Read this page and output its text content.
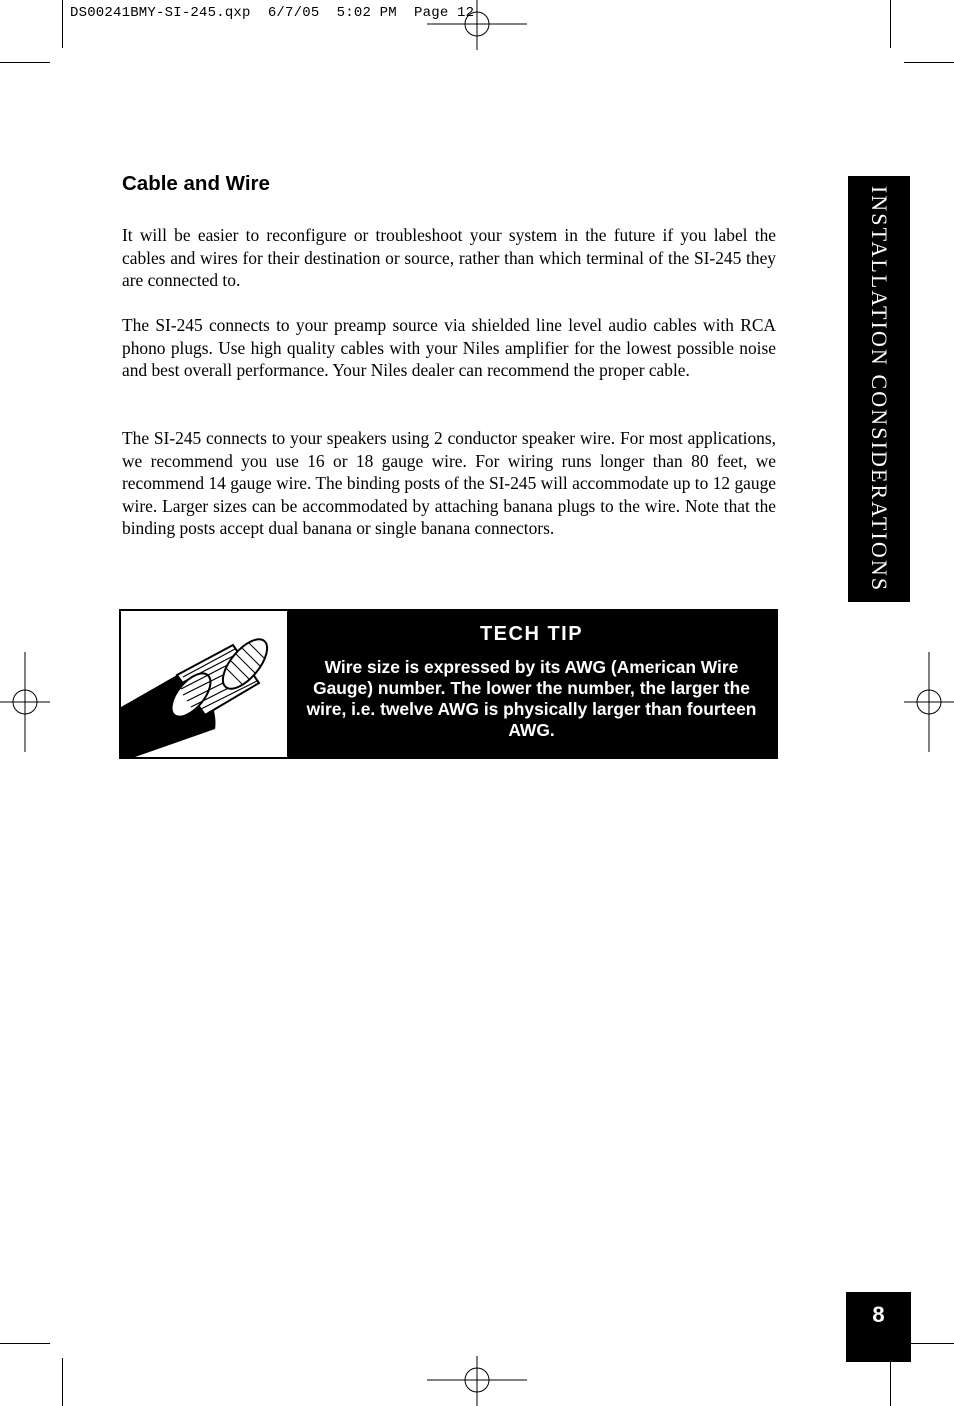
DS00241BMY-SI-245.qxp  6/7/05  5:02 PM  Page 12
Cable and Wire

It will be easier to reconfigure or troubleshoot your system in the future if you label the cables and wires for their destination or source, rather than which terminal of the SI-245 they are connected to.

The SI-245 connects to your preamp source via shielded line level audio cables with RCA phono plugs. Use high quality cables with your Niles amplifier for the lowest possible noise and best overall performance. Your Niles dealer can recommend the proper cable.

The SI-245 connects to your speakers using 2 conductor speaker wire. For most applications, we recommend you use 16 or 18 gauge wire. For wiring runs longer than 80 feet, we recommend 14 gauge wire. The binding posts of the SI-245 will accommodate up to 12 gauge wire. Larger sizes can be accommodated by attaching banana plugs to the wire. Note that the binding posts accept dual banana or single banana connectors.	INSTALLATION CONSIDERATIONS
TECH TIP
Wire size is expressed by its AWG (American Wire Gauge) number. The lower the number, the larger the wire, i.e. twelve AWG is physically larger than fourteen AWG.
8
